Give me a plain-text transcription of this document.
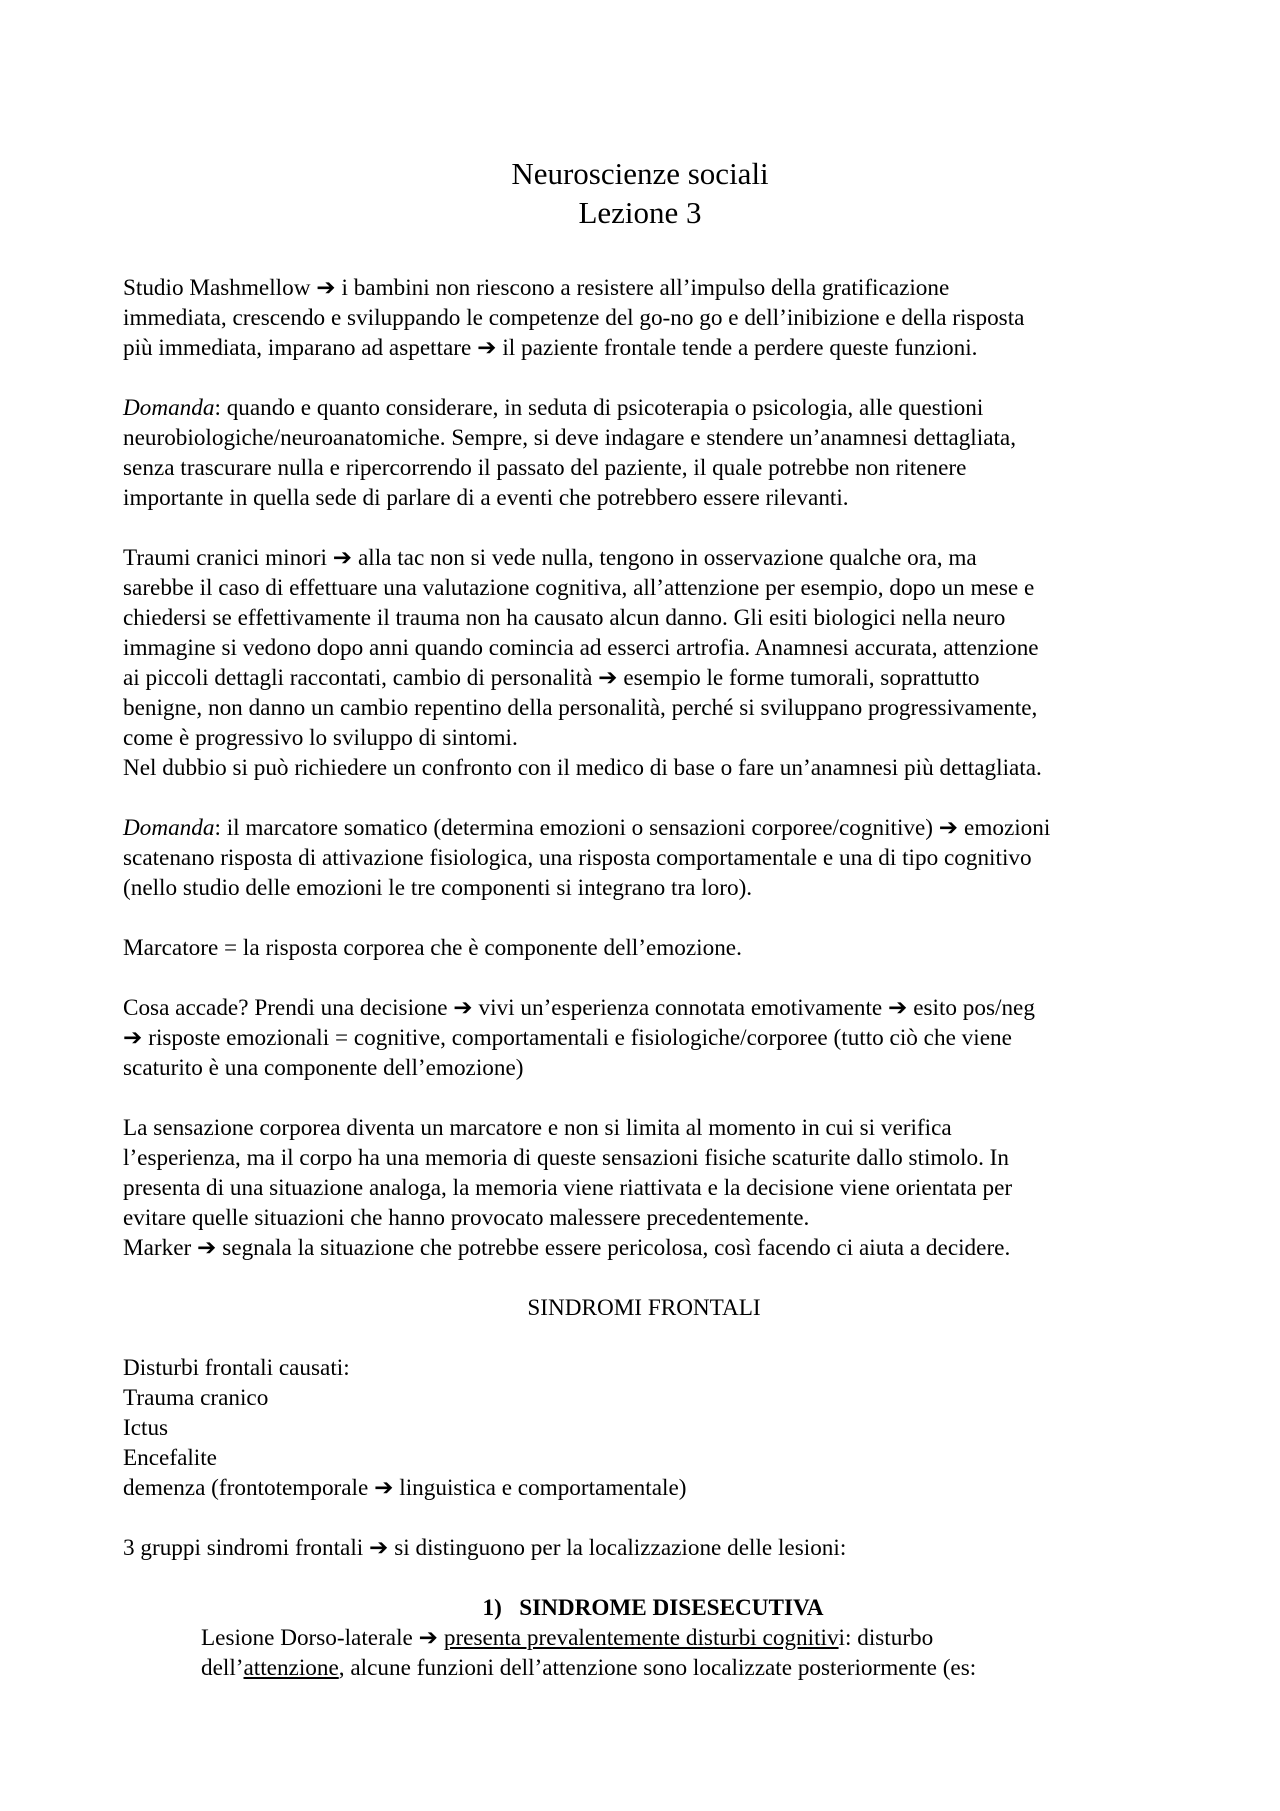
Neuroscienze sociali
Lezione 3
Studio Mashmellow ➔ i bambini non riescono a resistere all’impulso della gratificazione
immediata, crescendo e sviluppando le competenze del go-no go e dell’inibizione e della risposta
più immediata, imparano ad aspettare ➔ il paziente frontale tende a perdere queste funzioni.
Domanda: quando e quanto considerare, in seduta di psicoterapia o psicologia, alle questioni
neurobiologiche/neuroanatomiche. Sempre, si deve indagare e stendere un’anamnesi dettagliata,
senza trascurare nulla e ripercorrendo il passato del paziente, il quale potrebbe non ritenere
importante in quella sede di parlare di a eventi che potrebbero essere rilevanti.
Traumi cranici minori ➔ alla tac non si vede nulla, tengono in osservazione qualche ora, ma
sarebbe il caso di effettuare una valutazione cognitiva, all’attenzione per esempio, dopo un mese e
chiedersi se effettivamente il trauma non ha causato alcun danno. Gli esiti biologici nella neuro
immagine si vedono dopo anni quando comincia ad esserci artrofia. Anamnesi accurata, attenzione
ai piccoli dettagli raccontati, cambio di personalità ➔ esempio le forme tumorali, soprattutto
benigne, non danno un cambio repentino della personalità, perché si sviluppano progressivamente,
come è progressivo lo sviluppo di sintomi.
Nel dubbio si può richiedere un confronto con il medico di base o fare un’anamnesi più dettagliata.
Domanda: il marcatore somatico (determina emozioni o sensazioni corporee/cognitive) ➔ emozioni
scatenano risposta di attivazione fisiologica, una risposta comportamentale e una di tipo cognitivo
(nello studio delle emozioni le tre componenti si integrano tra loro).
Marcatore = la risposta corporea che è componente dell’emozione.
Cosa accade? Prendi una decisione ➔ vivi un’esperienza connotata emotivamente ➔ esito pos/neg
➔ risposte emozionali = cognitive, comportamentali e fisiologiche/corporee (tutto ciò che viene
scaturito è una componente dell’emozione)
La sensazione corporea diventa un marcatore e non si limita al momento in cui si verifica
l’esperienza, ma il corpo ha una memoria di queste sensazioni fisiche scaturite dallo stimolo. In
presenta di una situazione analoga, la memoria viene riattivata e la decisione viene orientata per
evitare quelle situazioni che hanno provocato malessere precedentemente.
Marker ➔ segnala la situazione che potrebbe essere pericolosa, così facendo ci aiuta a decidere.
SINDROMI FRONTALI
Disturbi frontali causati:
Trauma cranico
Ictus
Encefalite
demenza (frontotemporale ➔ linguistica e comportamentale)
3 gruppi sindromi frontali ➔ si distinguono per la localizzazione delle lesioni:
1) SINDROME DISESECUTIVA
Lesione Dorso-laterale ➔ presenta prevalentemente disturbi cognitivi: disturbo
dell’attenzione, alcune funzioni dell’attenzione sono localizzate posteriormente (es:
